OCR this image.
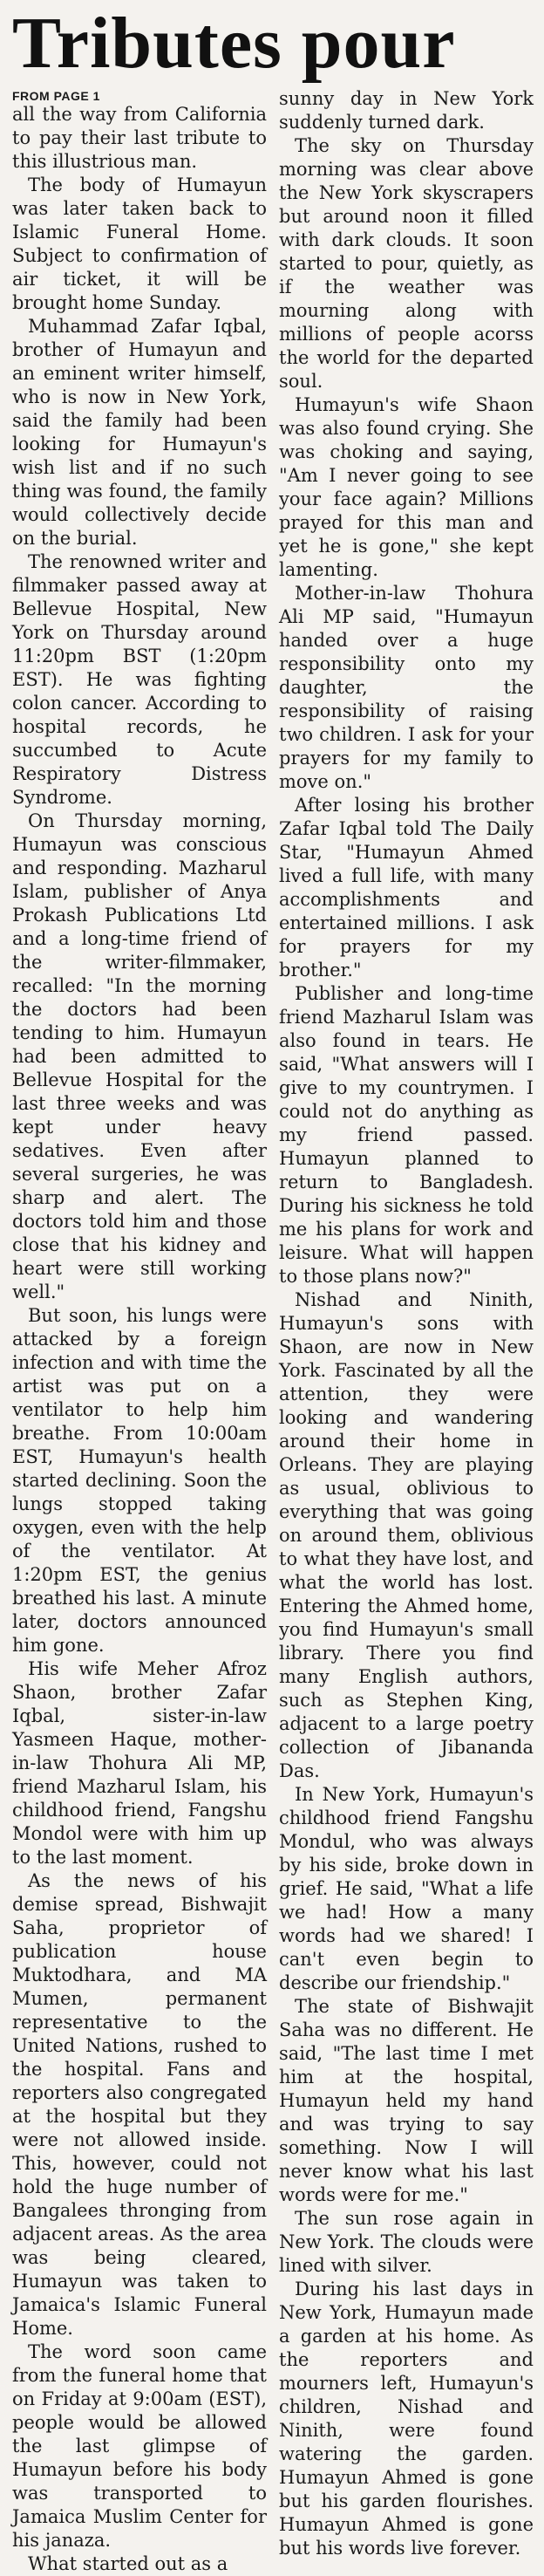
Tributes pour
FROM PAGE 1

all the way from California to pay their last tribute to this illustrious man.

The body of Humayun was later taken back to Islamic Funeral Home. Subject to confirmation of air ticket, it will be brought home Sunday.

Muhammad Zafar Iqbal, brother of Humayun and an eminent writer himself, who is now in New York, said the family had been looking for Humayun's wish list and if no such thing was found, the family would collectively decide on the burial.

The renowned writer and filmmaker passed away at Bellevue Hospital, New York on Thursday around 11:20pm BST (1:20pm EST). He was fighting colon cancer. According to hospital records, he succumbed to Acute Respiratory Distress Syndrome.

On Thursday morning, Humayun was conscious and responding. Mazharul Islam, publisher of Anya Prokash Publications Ltd and a long-time friend of the writer-filmmaker, recalled: "In the morning the doctors had been tending to him. Humayun had been admitted to Bellevue Hospital for the last three weeks and was kept under heavy sedatives. Even after several surgeries, he was sharp and alert. The doctors told him and those close that his kidney and heart were still working well."

But soon, his lungs were attacked by a foreign infection and with time the artist was put on a ventilator to help him breathe. From 10:00am EST, Humayun's health started declining. Soon the lungs stopped taking oxygen, even with the help of the ventilator. At 1:20pm EST, the genius breathed his last. A minute later, doctors announced him gone.

His wife Meher Afroz Shaon, brother Zafar Iqbal, sister-in-law Yasmeen Haque, mother-in-law Thohura Ali MP, friend Mazharul Islam, his childhood friend, Fangshu Mondol were with him up to the last moment.

As the news of his demise spread, Bishwajit Saha, proprietor of publication house Muktodhara, and MA Mumen, permanent representative to the United Nations, rushed to the hospital. Fans and reporters also congregated at the hospital but they were not allowed inside. This, however, could not hold the huge number of Bangalees thronging from adjacent areas. As the area was being cleared, Humayun was taken to Jamaica's Islamic Funeral Home.

The word soon came from the funeral home that on Friday at 9:00am (EST), people would be allowed the last glimpse of Humayun before his body was transported to Jamaica Muslim Center for his janaza.

What started out as a

sunny day in New York suddenly turned dark.

The sky on Thursday morning was clear above the New York skyscrapers but around noon it filled with dark clouds. It soon started to pour, quietly, as if the weather was mourning along with millions of people acorss the world for the departed soul.

Humayun's wife Shaon was also found crying. She was choking and saying, "Am I never going to see your face again? Millions prayed for this man and yet he is gone," she kept lamenting.

Mother-in-law Thohura Ali MP said, "Humayun handed over a huge responsibility onto my daughter, the responsibility of raising two children. I ask for your prayers for my family to move on."

After losing his brother Zafar Iqbal told The Daily Star, "Humayun Ahmed lived a full life, with many accomplishments and entertained millions. I ask for prayers for my brother."

Publisher and long-time friend Mazharul Islam was also found in tears. He said, "What answers will I give to my countrymen. I could not do anything as my friend passed. Humayun planned to return to Bangladesh. During his sickness he told me his plans for work and leisure. What will happen to those plans now?"

Nishad and Ninith, Humayun's sons with Shaon, are now in New York. Fascinated by all the attention, they were looking and wandering around their home in Orleans. They are playing as usual, oblivious to everything that was going on around them, oblivious to what they have lost, and what the world has lost. Entering the Ahmed home, you find Humayun's small library. There you find many English authors, such as Stephen King, adjacent to a large poetry collection of Jibananda Das.

In New York, Humayun's childhood friend Fangshu Mondul, who was always by his side, broke down in grief. He said, "What a life we had! How a many words had we shared! I can't even begin to describe our friendship."

The state of Bishwajit Saha was no different. He said, "The last time I met him at the hospital, Humayun held my hand and was trying to say something. Now I will never know what his last words were for me."

The sun rose again in New York. The clouds were lined with silver.

During his last days in New York, Humayun made a garden at his home. As the reporters and mourners left, Humayun's children, Nishad and Ninith, were found watering the garden. Humayun Ahmed is gone but his garden flourishes. Humayun Ahmed is gone but his words live forever.
